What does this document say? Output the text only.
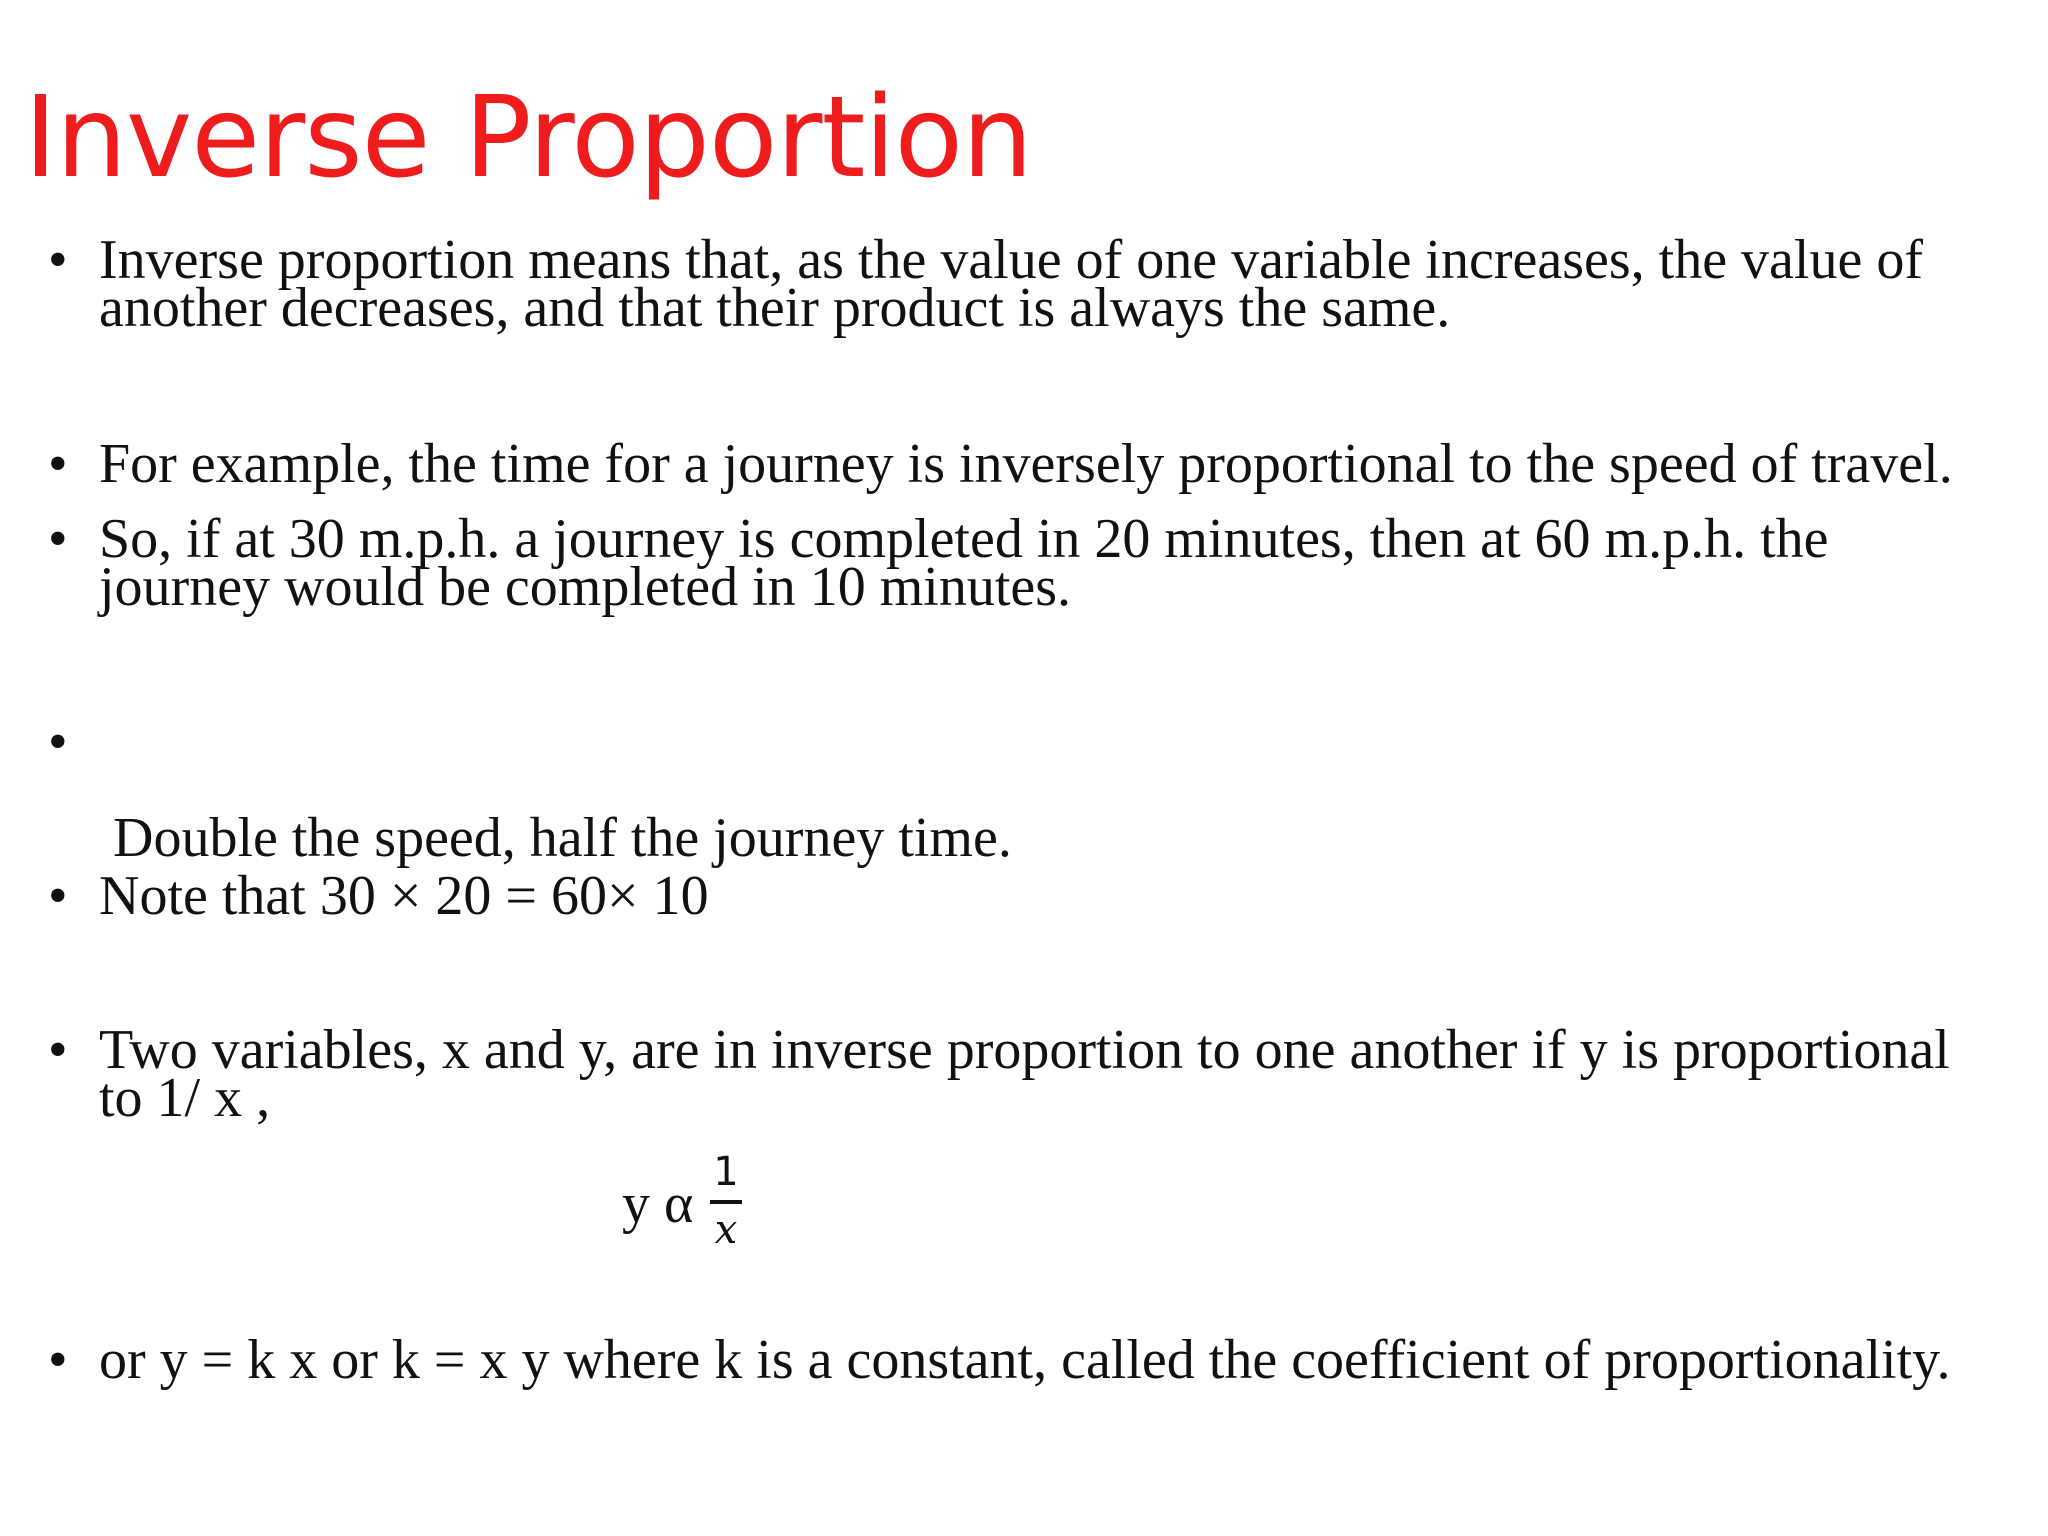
Inverse Proportion
• Inverse proportion means that, as the value of one variable increases, the value of
another decreases, and that their product is always the same.
• For example, the time for a journey is inversely proportional to the speed of travel.
• So, if at 30 m.p.h. a journey is completed in 20 minutes, then at 60 m.p.h. the
journey would be completed in 10 minutes.
•

Double the speed, half the journey time.

• Note that 30 × 20 = 60× 10
• Two variables, x and y, are in inverse proportion to one another if y is proportional
to 1/ x ,
y α
1
x
• or y = k x or k = x y where k is a constant, called the coefficient of proportionality.
